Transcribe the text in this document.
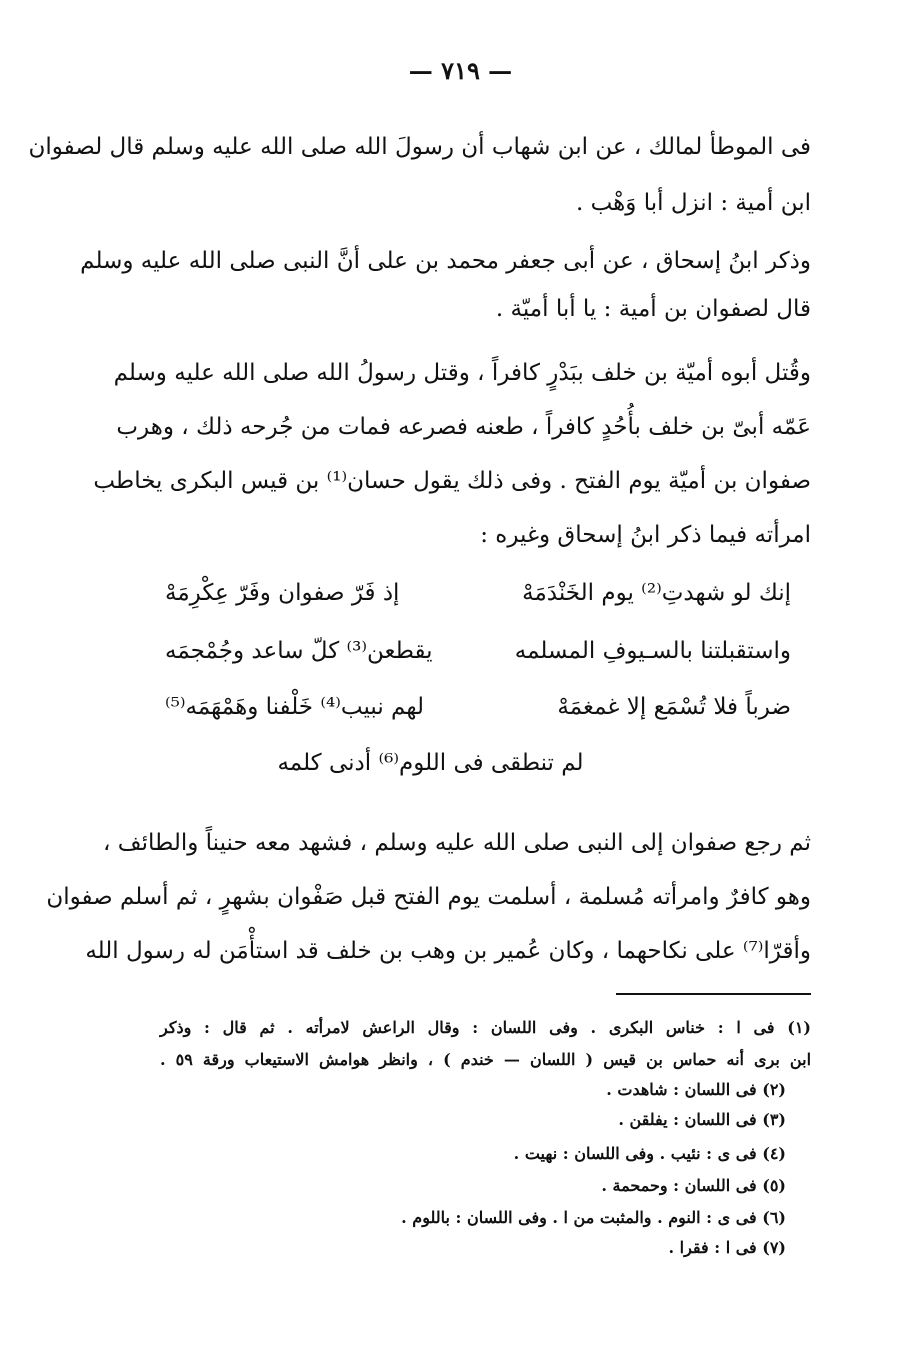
— ٧١٩ —
فى الموطأ لمالك ، عن ابن شهاب أن رسولَ الله صلى الله عليه وسلم قال لصفوان
ابن أمية : انزل أبا وَهْب .
وذكر ابنُ إسحاق ، عن أبى جعفر محمد بن على أنَّ النبى صلى الله عليه وسلم
قال لصفوان بن أمية : يا أبا أميّة .
وقُتل أبوه أميّة بن خلف ببَدْرٍ كافراً ، وقتل رسولُ الله صلى الله عليه وسلم
عَمّه أبىّ بن خلف بأُحُدٍ كافراً ، طعنه فصرعه فمات من جُرحه ذلك ، وهرب
صفوان بن أميّة يوم الفتح . وفى ذلك يقول حسان⁽¹⁾ بن قيس البكرى يخاطب
امرأته فيما ذكر ابنُ إسحاق وغيره :
إنك لو شهدتِ⁽²⁾ يوم الخَنْدَمَهْ
إذ فَرّ صفوان وفَرّ عِكْرِمَهْ
واستقبلتنا بالسـيوفِ المسلمه
يقطعن⁽³⁾ كلّ ساعد وجُمْجمَه
ضرباً فلا تُسْمَع إلا غمغمَهْ
لهم نبيب⁽⁴⁾ خَلْفنا وهَمْهَمَه⁽⁵⁾
لم تنطقى فى اللوم⁽⁶⁾ أدنى كلمه
ثم رجع صفوان إلى النبى صلى الله عليه وسلم ، فشهد معه حنيناً والطائف ،
وهو كافرٌ وامرأته مُسلمة ، أسلمت يوم الفتح قبل صَفْوان بشهرٍ ، ثم أسلم صفوان
وأقرّا⁽⁷⁾ على نكاحهما ، وكان عُمير بن وهب بن خلف قد استأْمَن له رسول الله
(١) فى ا : خناس البكرى . وفى اللسان : وقال الراعش لامرأته . ثم قال : وذكر
ابن برى أنه حماس بن قيس ( اللسان — خندم ) ، وانظر هوامش الاستيعاب ورقة ٥٩ .
(٢) فى اللسان : شاهدت .
(٣) فى اللسان : يفلقن .
(٤) فى ى : نئيب . وفى اللسان : نهيت .
(٥) فى اللسان : وحمحمة .
(٦) فى ى : النوم . والمثبت من ا . وفى اللسان : باللوم .
(٧) فى ا : فقرا .
